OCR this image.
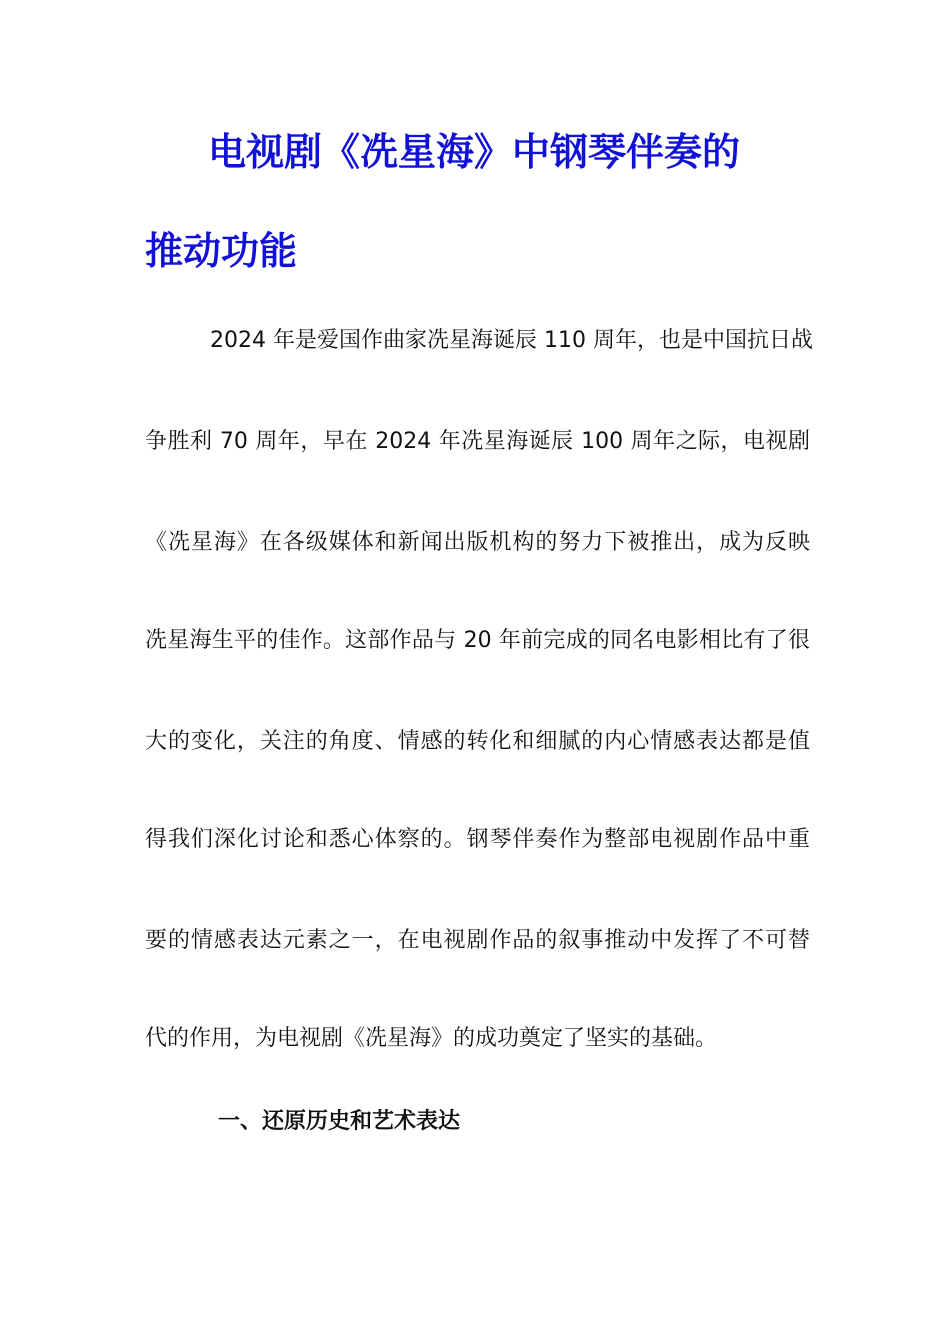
电视剧《冼星海》中钢琴伴奏的
推动功能

2024 年是爱国作曲家冼星海诞辰 110 周年，也是中国抗日战

争胜利 70 周年，早在 2024 年冼星海诞辰 100 周年之际，电视剧

《冼星海》在各级媒体和新闻出版机构的努力下被推出，成为反映

冼星海生平的佳作。这部作品与 20 年前完成的同名电影相比有了很

大的变化，关注的角度、情感的转化和细腻的内心情感表达都是值

得我们深化讨论和悉心体察的。钢琴伴奏作为整部电视剧作品中重

要的情感表达元素之一，在电视剧作品的叙事推动中发挥了不可替

代的作用，为电视剧《冼星海》的成功奠定了坚实的基础。

一、还原历史和艺术表达
